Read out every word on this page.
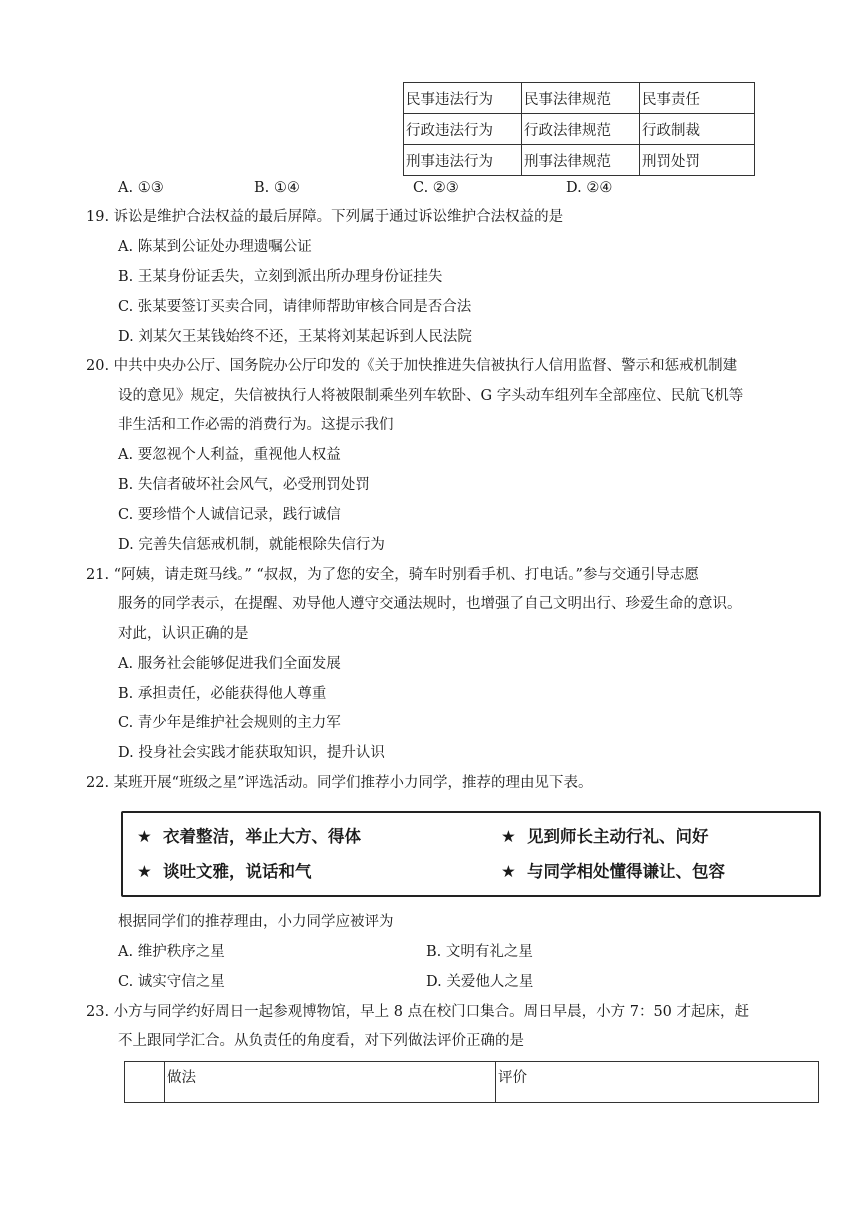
民事违法行为	民事法律规范	民事责任
行政违法行为	行政法律规范	行政制裁
刑事违法行为	刑事法律规范	刑罚处罚
A. ①③	B. ①④	C. ②③	D. ②④
19. 诉讼是维护合法权益的最后屏障。下列属于通过诉讼维护合法权益的是
A. 陈某到公证处办理遗嘱公证
B. 王某身份证丢失，立刻到派出所办理身份证挂失
C. 张某要签订买卖合同，请律师帮助审核合同是否合法
D. 刘某欠王某钱始终不还，王某将刘某起诉到人民法院
20. 中共中央办公厅、国务院办公厅印发的《关于加快推进失信被执行人信用监督、警示和惩戒机制建
设的意见》规定，失信被执行人将被限制乘坐列车软卧、G 字头动车组列车全部座位、民航飞机等
非生活和工作必需的消费行为。这提示我们
A. 要忽视个人利益，重视他人权益
B. 失信者破坏社会风气，必受刑罚处罚
C. 要珍惜个人诚信记录，践行诚信
D. 完善失信惩戒机制，就能根除失信行为
21. “阿姨，请走斑马线。” “叔叔，为了您的安全，骑车时别看手机、打电话。”参与交通引导志愿
服务的同学表示，在提醒、劝导他人遵守交通法规时，也增强了自己文明出行、珍爱生命的意识。
对此，认识正确的是
A. 服务社会能够促进我们全面发展
B. 承担责任，必能获得他人尊重
C. 青少年是维护社会规则的主力军
D. 投身社会实践才能获取知识，提升认识
22. 某班开展“班级之星”评选活动。同学们推荐小力同学，推荐的理由见下表。
★ 衣着整洁，举止大方、得体	★ 见到师长主动行礼、问好
★ 谈吐文雅，说话和气	★ 与同学相处懂得谦让、包容
根据同学们的推荐理由，小力同学应被评为
A. 维护秩序之星	B. 文明有礼之星
C. 诚实守信之星	D. 关爱他人之星
23. 小方与同学约好周日一起参观博物馆，早上 8 点在校门口集合。周日早晨，小方 7：50 才起床，赶
不上跟同学汇合。从负责任的角度看，对下列做法评价正确的是
	做法	评价
